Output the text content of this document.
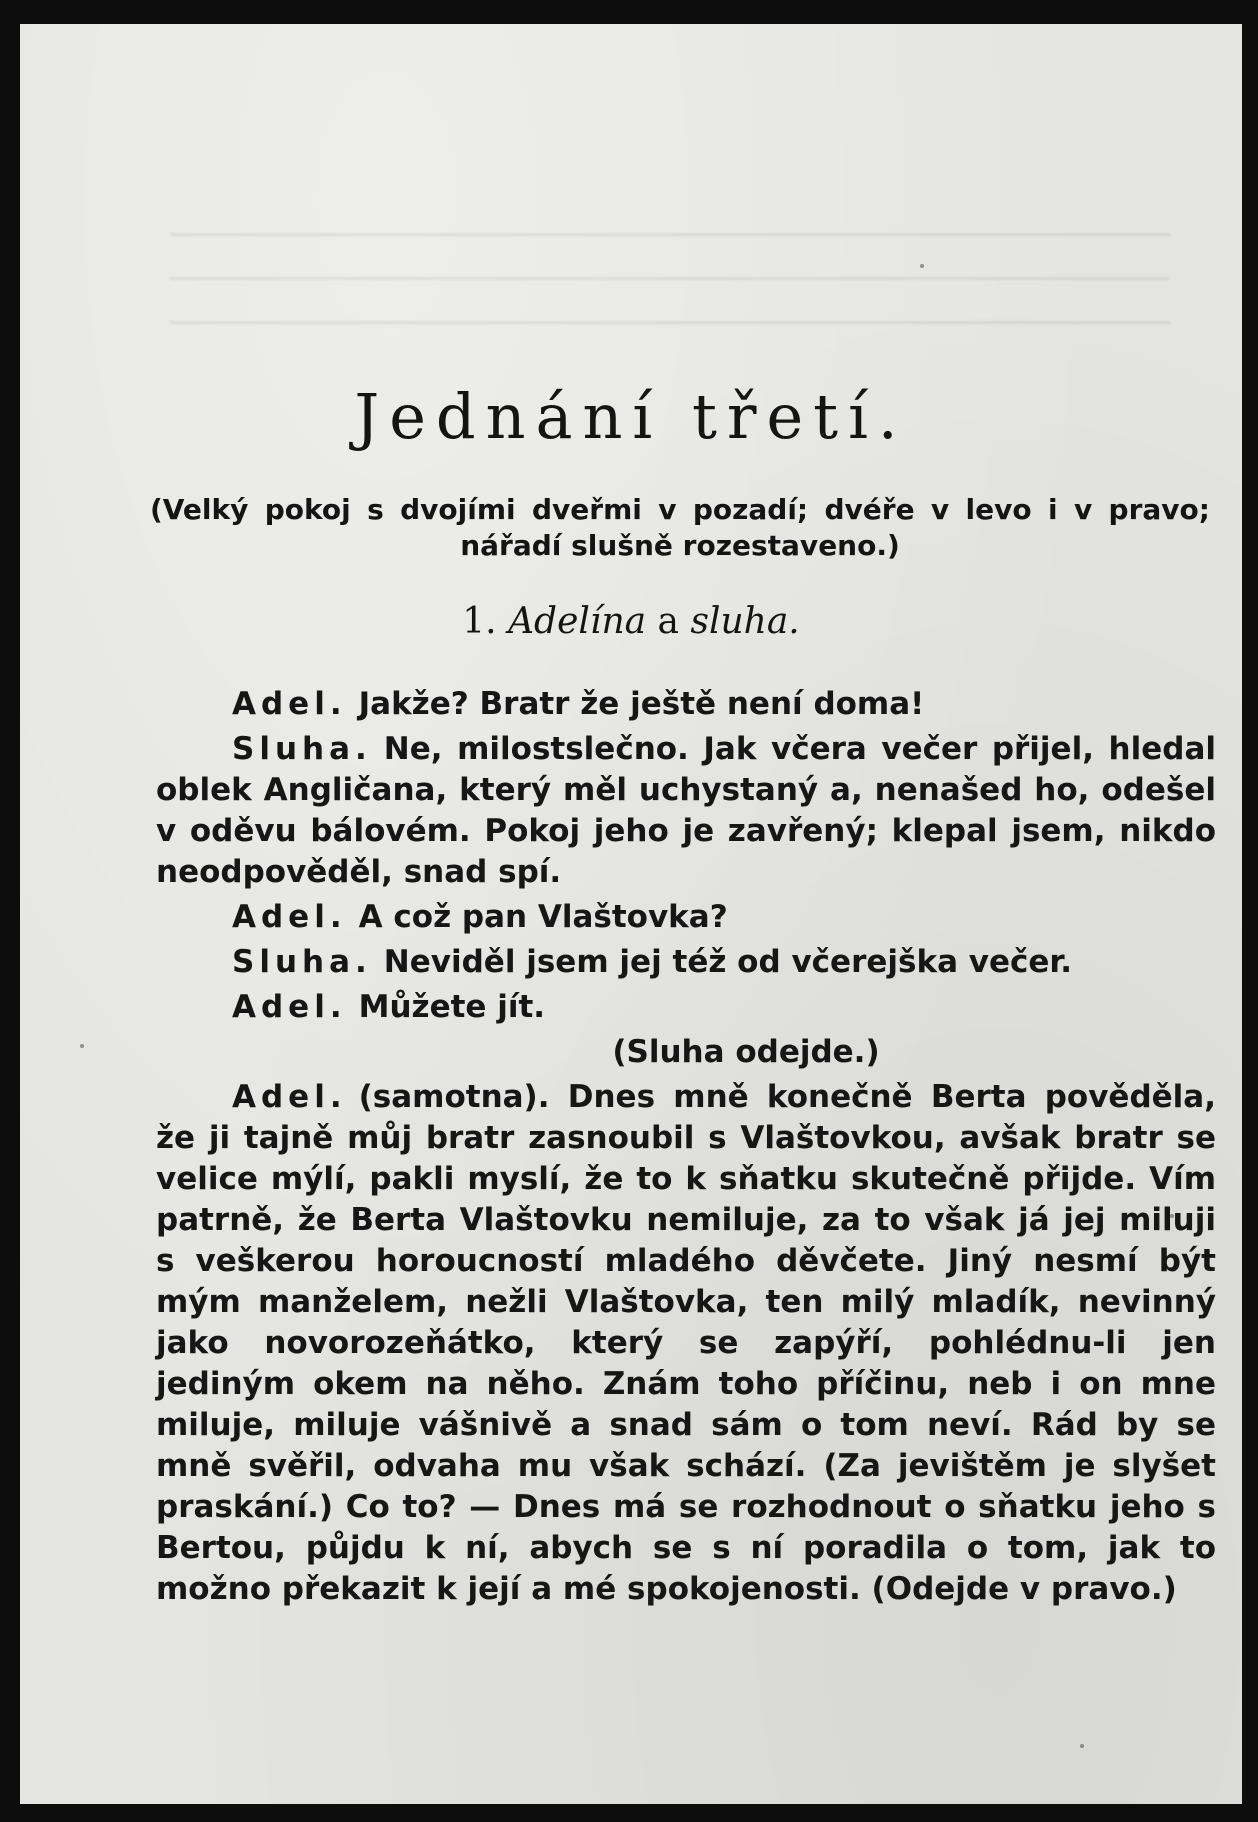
Jednání třetí.
(Velký pokoj s dvojími dveřmi v pozadí; dvéře v levo i v pravo;
nářadí slušně rozestaveno.)
1. Adelína a sluha.

Adel. Jakže? Bratr že ještě není doma!

Sluha. Ne, milostslečno. Jak včera večer přijel, hledal oblek Angličana, který měl uchystaný a, nenašed ho, odešel v oděvu bálovém. Pokoj jeho je zavřený; klepal jsem, nikdo neodpověděl, snad spí.

Adel. A což pan Vlaštovka?

Sluha. Neviděl jsem jej též od včerejška večer.

Adel. Můžete jít.

(Sluha odejde.)

Adel. (samotna). Dnes mně konečně Berta pověděla, že ji tajně můj bratr zasnoubil s Vlaštovkou, avšak bratr se velice mýlí, pakli myslí, že to k sňatku skutečně přijde. Vím patrně, že Berta Vlaštovku nemiluje, za to však já jej miluji s veškerou horoucností mladého děvčete. Jiný nesmí být mým manželem, nežli Vlaštovka, ten milý mladík, nevinný jako novorozeňátko, který se zapýří, pohlédnu-li jen jediným okem na něho. Znám toho příčinu, neb i on mne miluje, miluje vášnivě a snad sám o tom neví. Rád by se mně svěřil, odvaha mu však schází. (Za jevištěm je slyšet praskání.) Co to? — Dnes má se rozhodnout o sňatku jeho s Bertou, půjdu k ní, abych se s ní poradila o tom, jak to možno překazit k její a mé spokojenosti. (Odejde v pravo.)
